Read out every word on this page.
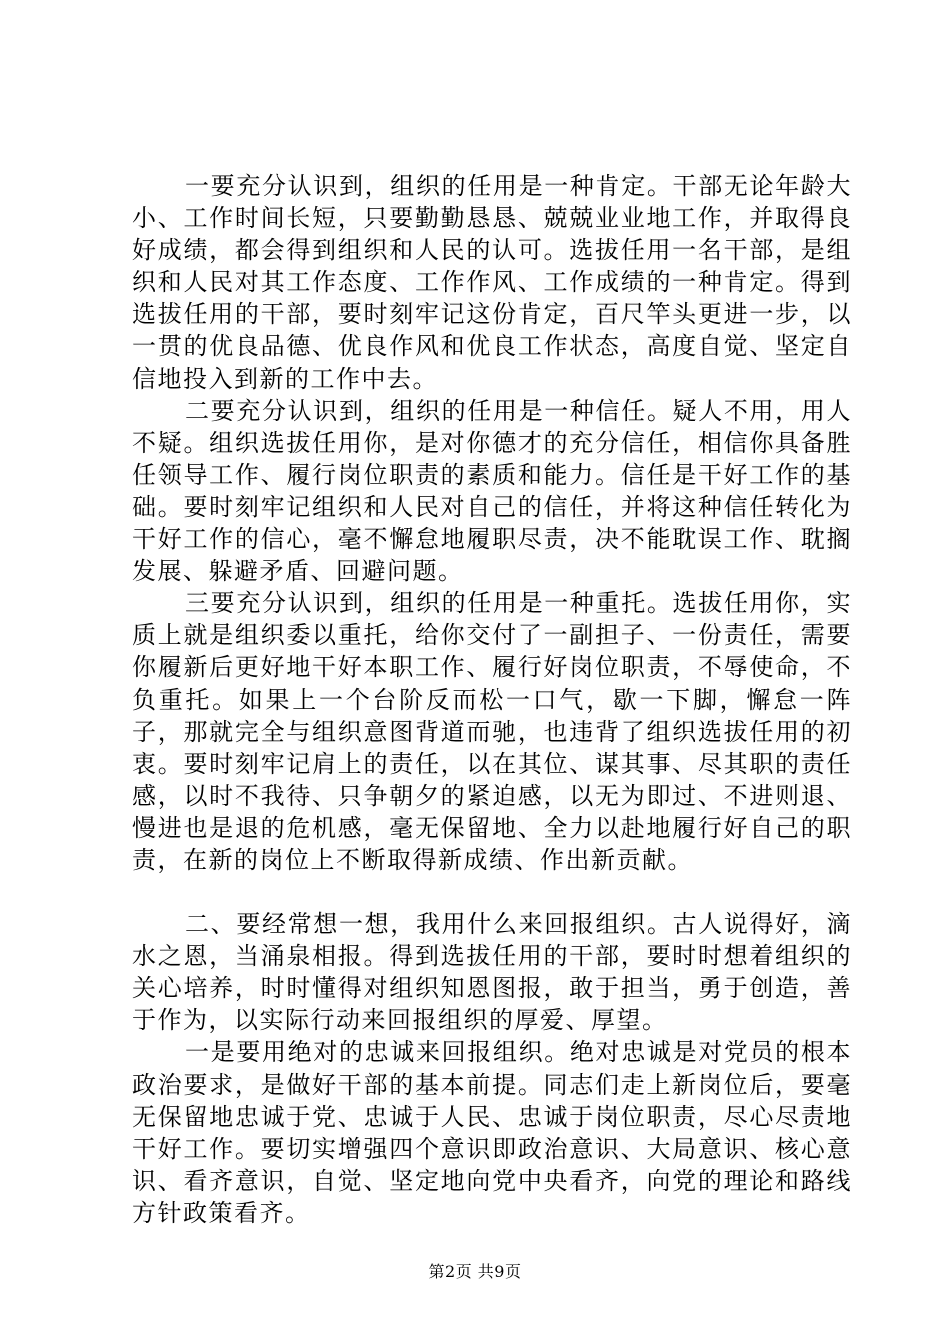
一要充分认识到，组织的任用是一种肯定。干部无论年龄大小、工作时间长短，只要勤勤恳恳、兢兢业业地工作，并取得良好成绩，都会得到组织和人民的认可。选拔任用一名干部，是组织和人民对其工作态度、工作作风、工作成绩的一种肯定。得到选拔任用的干部，要时刻牢记这份肯定，百尺竿头更进一步，以一贯的优良品德、优良作风和优良工作状态，高度自觉、坚定自信地投入到新的工作中去。

二要充分认识到，组织的任用是一种信任。疑人不用，用人不疑。组织选拔任用你，是对你德才的充分信任，相信你具备胜任领导工作、履行岗位职责的素质和能力。信任是干好工作的基础。要时刻牢记组织和人民对自己的信任，并将这种信任转化为干好工作的信心，毫不懈怠地履职尽责，决不能耽误工作、耽搁发展、躲避矛盾、回避问题。

三要充分认识到，组织的任用是一种重托。选拔任用你，实质上就是组织委以重托，给你交付了一副担子、一份责任，需要你履新后更好地干好本职工作、履行好岗位职责，不辱使命，不负重托。如果上一个台阶反而松一口气，歇一下脚，懈怠一阵子，那就完全与组织意图背道而驰，也违背了组织选拔任用的初衷。要时刻牢记肩上的责任，以在其位、谋其事、尽其职的责任感，以时不我待、只争朝夕的紧迫感，以无为即过、不进则退、慢进也是退的危机感，毫无保留地、全力以赴地履行好自己的职责，在新的岗位上不断取得新成绩、作出新贡献。

二、要经常想一想，我用什么来回报组织。古人说得好，滴水之恩，当涌泉相报。得到选拔任用的干部，要时时想着组织的关心培养，时时懂得对组织知恩图报，敢于担当，勇于创造，善于作为，以实际行动来回报组织的厚爱、厚望。

一是要用绝对的忠诚来回报组织。绝对忠诚是对党员的根本政治要求，是做好干部的基本前提。同志们走上新岗位后，要毫无保留地忠诚于党、忠诚于人民、忠诚于岗位职责，尽心尽责地干好工作。要切实增强四个意识即政治意识、大局意识、核心意识、看齐意识，自觉、坚定地向党中央看齐，向党的理论和路线方针政策看齐。

第2页 共9页
